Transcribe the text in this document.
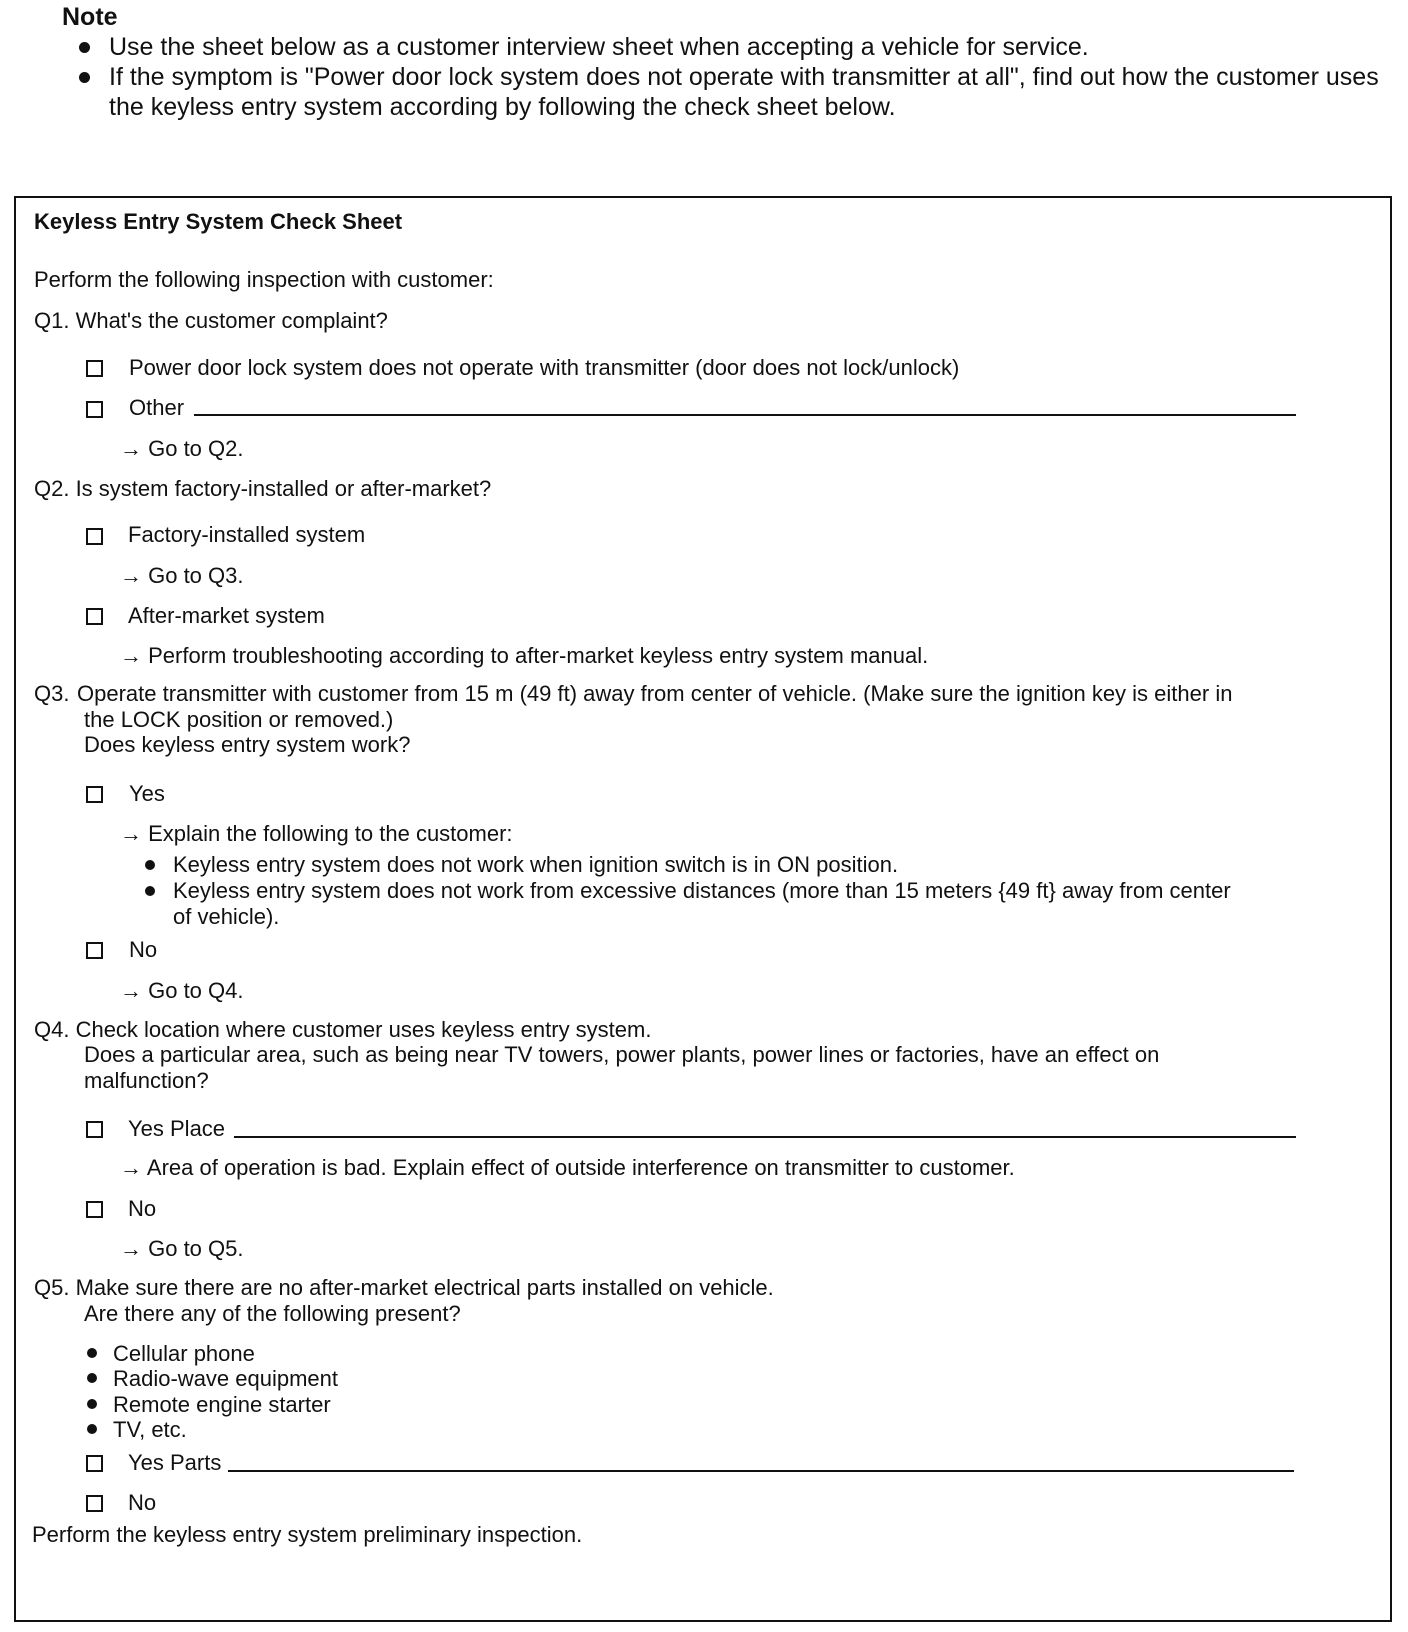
Note
Use the sheet below as a customer interview sheet when accepting a vehicle for service.
If the symptom is "Power door lock system does not operate with transmitter at all", find out how the customer uses the keyless entry system according by following the check sheet below.
Keyless Entry System Check Sheet
Perform the following inspection with customer:
Q1. What's the customer complaint?
Power door lock system does not operate with transmitter (door does not lock/unlock)
Other
→ Go to Q2.
Q2. Is system factory-installed or after-market?
Factory-installed system
→ Go to Q3.
After-market system
→ Perform troubleshooting according to after-market keyless entry system manual.
Q3. Operate transmitter with customer from 15 m (49 ft) away from center of vehicle. (Make sure the ignition key is either in
the LOCK position or removed.)
Does keyless entry system work?
Yes
→ Explain the following to the customer:
Keyless entry system does not work when ignition switch is in ON position.
Keyless entry system does not work from excessive distances (more than 15 meters {49 ft} away from center
of vehicle).
No
→ Go to Q4.
Q4. Check location where customer uses keyless entry system.
Does a particular area, such as being near TV towers, power plants, power lines or factories, have an effect on
malfunction?
Yes Place
→ Area of operation is bad. Explain effect of outside interference on transmitter to customer.
No
→ Go to Q5.
Q5. Make sure there are no after-market electrical parts installed on vehicle.
Are there any of the following present?
Cellular phone
Radio-wave equipment
Remote engine starter
TV, etc.
Yes Parts
No
Perform the keyless entry system preliminary inspection.
